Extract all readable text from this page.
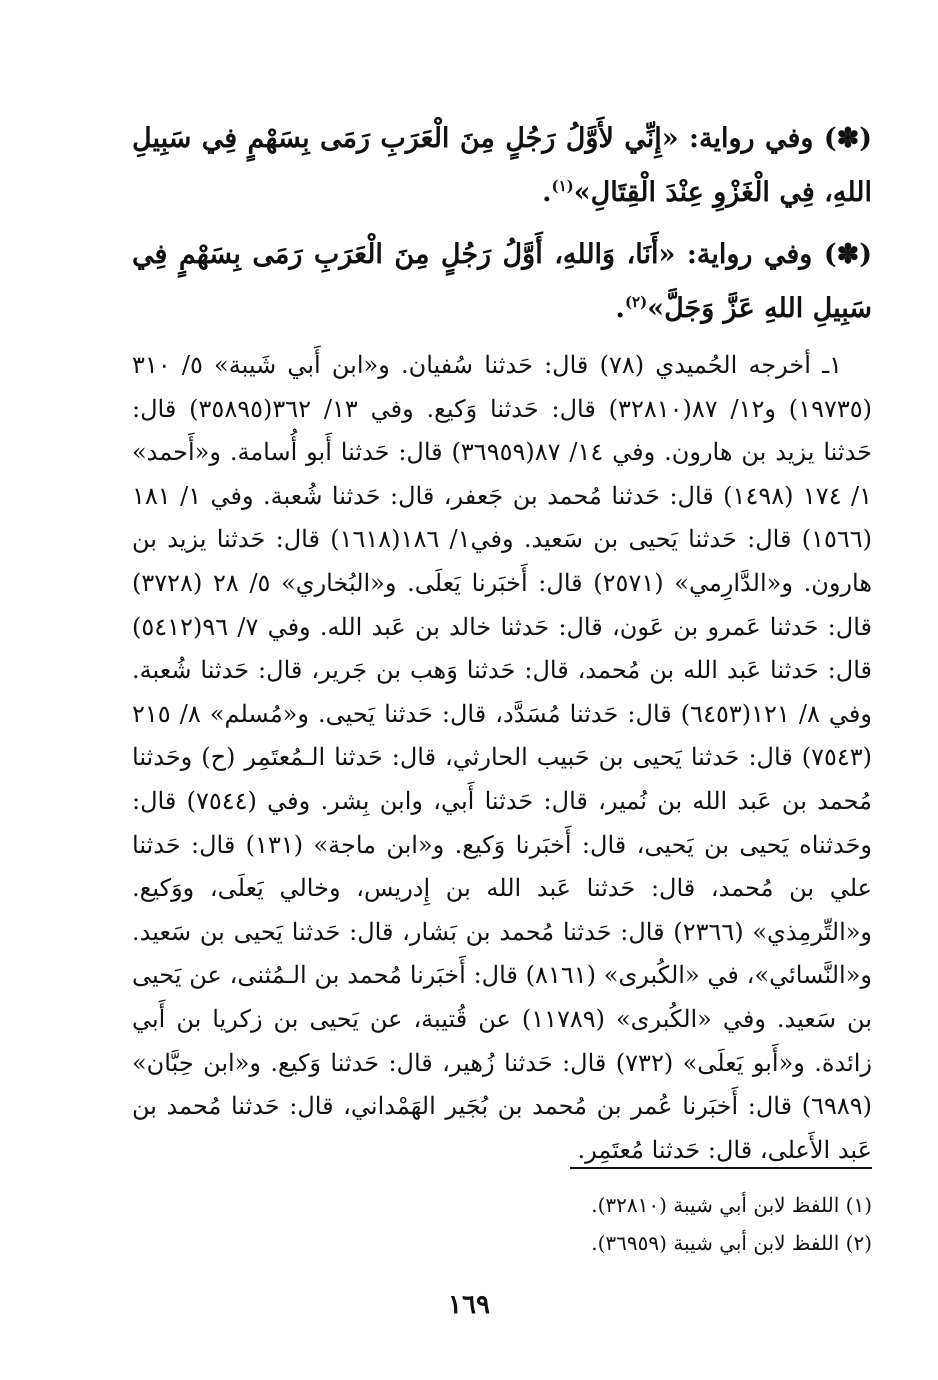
(✽) وفي رواية: «إِنِّي لأَوَّلُ رَجُلٍ مِنَ الْعَرَبِ رَمَى بِسَهْمٍ فِي سَبِيلِ اللهِ، فِي الْغَزْوِ عِنْدَ الْقِتَالِ»$^{(١)}$.

(✽) وفي رواية: «أَنَا، وَاللهِ، أَوَّلُ رَجُلٍ مِنَ الْعَرَبِ رَمَى بِسَهْمٍ فِي سَبِيلِ اللهِ عَزَّ وَجَلَّ»$^{(٢)}$.

١ـ أخرجه الحُميدي (٧٨) قال: حَدثنا سُفيان. و«ابن أَبي شَيبة» ٥/ ٣١٠ (١٩٧٣٥) و١٢/ ٨٧(٣٢٨١٠) قال: حَدثنا وَكيع. وفي ١٣/ ٣٦٢(٣٥٨٩٥) قال: حَدثنا يزيد بن هارون. وفي ١٤/ ٨٧(٣٦٩٥٩) قال: حَدثنا أَبو أُسامة. و«أَحمد» ١/ ١٧٤ (١٤٩٨) قال: حَدثنا مُحمد بن جَعفر، قال: حَدثنا شُعبة. وفي ١/ ١٨١ (١٥٦٦) قال: حَدثنا يَحيى بن سَعيد. وفي١/ ١٨٦(١٦١٨) قال: حَدثنا يزيد بن هارون. و«الدَّارِمي» (٢٥٧١) قال: أَخبَرنا يَعلَى. و«البُخاري» ٥/ ٢٨ (٣٧٢٨) قال: حَدثنا عَمرو بن عَون، قال: حَدثنا خالد بن عَبد الله. وفي ٧/ ٩٦(٥٤١٢) قال: حَدثنا عَبد الله بن مُحمد، قال: حَدثنا وَهب بن جَرير، قال: حَدثنا شُعبة. وفي ٨/ ١٢١(٦٤٥٣) قال: حَدثنا مُسَدَّد، قال: حَدثنا يَحيى. و«مُسلم» ٨/ ٢١٥ (٧٥٤٣) قال: حَدثنا يَحيى بن حَبيب الحارثي، قال: حَدثنا الـمُعتَمِر (ح) وحَدثنا مُحمد بن عَبد الله بن نُمير، قال: حَدثنا أَبي، وابن بِشر. وفي (٧٥٤٤) قال: وحَدثناه يَحيى بن يَحيى، قال: أَخبَرنا وَكيع. و«ابن ماجة» (١٣١) قال: حَدثنا علي بن مُحمد، قال: حَدثنا عَبد الله بن إِدريس، وخالي يَعلَى، ووَكيع. و«التِّرمِذي» (٢٣٦٦) قال: حَدثنا مُحمد بن بَشار، قال: حَدثنا يَحيى بن سَعيد. و«النَّسائي»، في «الكُبرى» (٨١٦١) قال: أَخبَرنا مُحمد بن الـمُثنى، عن يَحيى بن سَعيد. وفي «الكُبرى» (١١٧٨٩) عن قُتيبة، عن يَحيى بن زكريا بن أَبي زائدة. و«أَبو يَعلَى» (٧٣٢) قال: حَدثنا زُهير، قال: حَدثنا وَكيع. و«ابن حِبَّان» (٦٩٨٩) قال: أَخبَرنا عُمر بن مُحمد بن بُجَير الهَمْداني، قال: حَدثنا مُحمد بن عَبد الأَعلى، قال: حَدثنا مُعتَمِر.

(١) اللفظ لابن أبي شيبة (٣٢٨١٠).

(٢) اللفظ لابن أبي شيبة (٣٦٩٥٩).

١٦٩
